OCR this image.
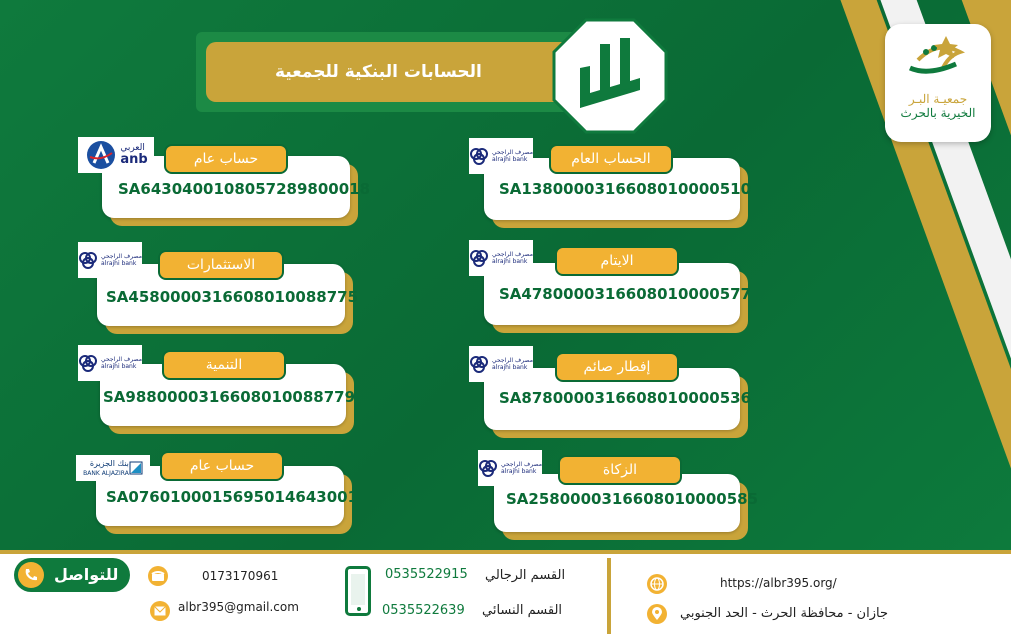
جمعيـة البـر
الخيرية بالحرث
الحسابات البنكية للجمعية
SA1380000316608010000510
الحساب العام
مصرف الراجحي
alrajhi bank
SA4780000316608010000577
الايتام
مصرف الراجحي
alrajhi bank
SA8780000316608010000536
إفطار صائم
مصرف الراجحي
alrajhi bank
SA2580000316608010000585
الزكاة
مصرف الراجحي
alrajhi bank
SA6430400108057289800018
حساب عام
العربي
anb
SA4580000316608010088775
الاستثمارات
مصرف الراجحي
alrajhi bank
SA9880000316608010088779
التنمية
مصرف الراجحي
alrajhi bank
SA0760100015695014643001
حساب عام
بنك الجزيرة
BANK ALJAZIRA
للتواصل	0173170961
albr395@gmail.com
0535522915 القسم الرجالي
0535522639 القسم النسائي
https://albr395.org/
جازان - محافظة الحرث - الحد الجنوبي
